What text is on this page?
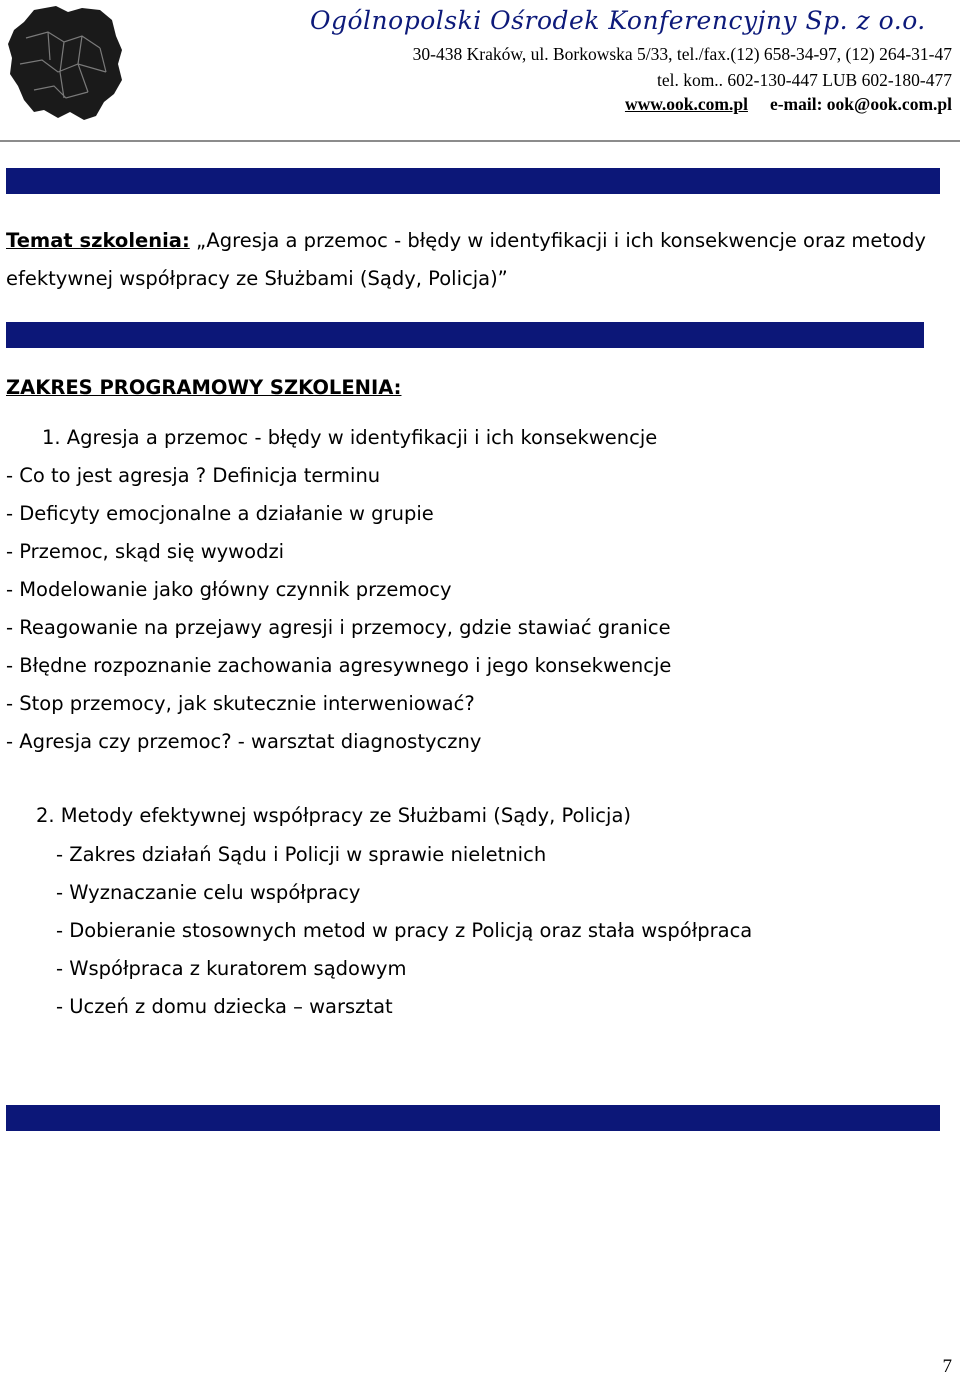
Ogólnopolski Ośrodek Konferencyjny Sp. z o.o.
30-438 Kraków, ul. Borkowska 5/33, tel./fax.(12) 658-34-97, (12) 264-31-47
tel. kom.. 602-130-447 LUB 602-180-477
www.ook.com.pl e-mail: ook@ook.com.pl
Temat szkolenia: „Agresja a przemoc - błędy w identyfikacji i ich konsekwencje oraz metody efektywnej współpracy ze Służbami (Sądy, Policja)”
ZAKRES PROGRAMOWY SZKOLENIA:
1. Agresja a przemoc - błędy w identyfikacji i ich konsekwencje
- Co to jest agresja ? Definicja terminu
- Deficyty emocjonalne a działanie w grupie
- Przemoc, skąd się wywodzi
- Modelowanie jako główny czynnik przemocy
- Reagowanie na przejawy agresji i przemocy, gdzie stawiać granice
- Błędne rozpoznanie zachowania agresywnego i jego konsekwencje
- Stop przemocy, jak skutecznie interweniować?
- Agresja czy przemoc? - warsztat diagnostyczny
2. Metody efektywnej współpracy ze Służbami (Sądy, Policja)
- Zakres działań Sądu i Policji w sprawie nieletnich
- Wyznaczanie celu współpracy
- Dobieranie stosownych metod w pracy z Policją oraz stała współpraca
- Współpraca z kuratorem sądowym
- Uczeń z domu dziecka – warsztat
7
